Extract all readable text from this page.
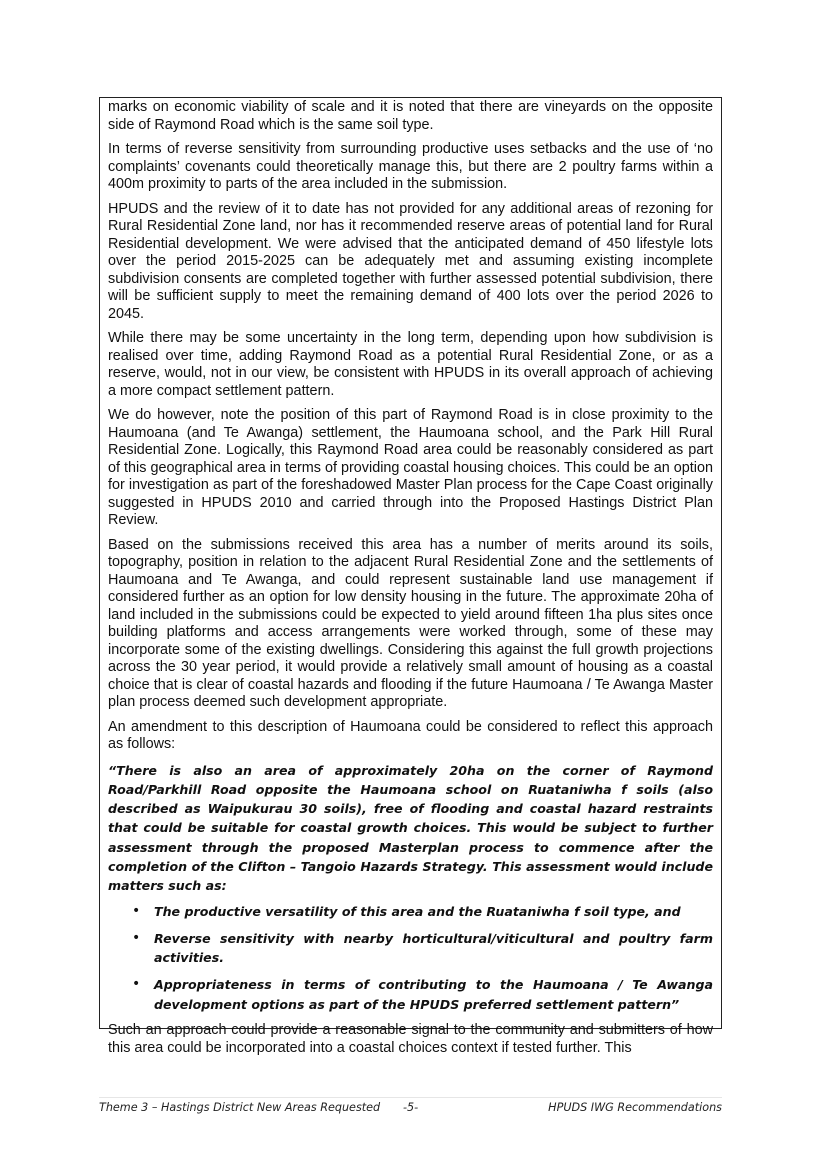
marks on economic viability of scale and it is noted that there are vineyards on the opposite side of Raymond Road which is the same soil type.

In terms of reverse sensitivity from surrounding productive uses setbacks and the use of ‘no complaints’ covenants could theoretically manage this, but there are 2 poultry farms within a 400m proximity to parts of the area included in the submission.

HPUDS and the review of it to date has not provided for any additional areas of rezoning for Rural Residential Zone land, nor has it recommended reserve areas of potential land for Rural Residential development. We were advised that the anticipated demand of 450 lifestyle lots over the period 2015-2025 can be adequately met and assuming existing incomplete subdivision consents are completed together with further assessed potential subdivision, there will be sufficient supply to meet the remaining demand of 400 lots over the period 2026 to 2045.

While there may be some uncertainty in the long term, depending upon how subdivision is realised over time, adding Raymond Road as a potential Rural Residential Zone, or as a reserve, would, not in our view, be consistent with HPUDS in its overall approach of achieving a more compact settlement pattern.

We do however, note the position of this part of Raymond Road is in close proximity to the Haumoana (and Te Awanga) settlement, the Haumoana school, and the Park Hill Rural Residential Zone. Logically, this Raymond Road area could be reasonably considered as part of this geographical area in terms of providing coastal housing choices. This could be an option for investigation as part of the foreshadowed Master Plan process for the Cape Coast originally suggested in HPUDS 2010 and carried through into the Proposed Hastings District Plan Review.

Based on the submissions received this area has a number of merits around its soils, topography, position in relation to the adjacent Rural Residential Zone and the settlements of Haumoana and Te Awanga, and could represent sustainable land use management if considered further as an option for low density housing in the future. The approximate 20ha of land included in the submissions could be expected to yield around fifteen 1ha plus sites once building platforms and access arrangements were worked through, some of these may incorporate some of the existing dwellings. Considering this against the full growth projections across the 30 year period, it would provide a relatively small amount of housing as a coastal choice that is clear of coastal hazards and flooding if the future Haumoana / Te Awanga Master plan process deemed such development appropriate.

An amendment to this description of Haumoana could be considered to reflect this approach as follows:

“There is also an area of approximately 20ha on the corner of Raymond Road/Parkhill Road opposite the Haumoana school on Ruataniwha f soils (also described as Waipukurau 30 soils), free of flooding and coastal hazard restraints that could be suitable for coastal growth choices. This would be subject to further assessment through the proposed Masterplan process to commence after the completion of the Clifton – Tangoio Hazards Strategy. This assessment would include matters such as:

• The productive versatility of this area and the Ruataniwha f soil type, and
• Reverse sensitivity with nearby horticultural/viticultural and poultry farm activities.
• Appropriateness in terms of contributing to the Haumoana / Te Awanga development options as part of the HPUDS preferred settlement pattern”

Such an approach could provide a reasonable signal to the community and submitters of how this area could be incorporated into a coastal choices context if tested further. This

Theme 3 – Hastings District New Areas Requested -5-	HPUDS IWG Recommendations
